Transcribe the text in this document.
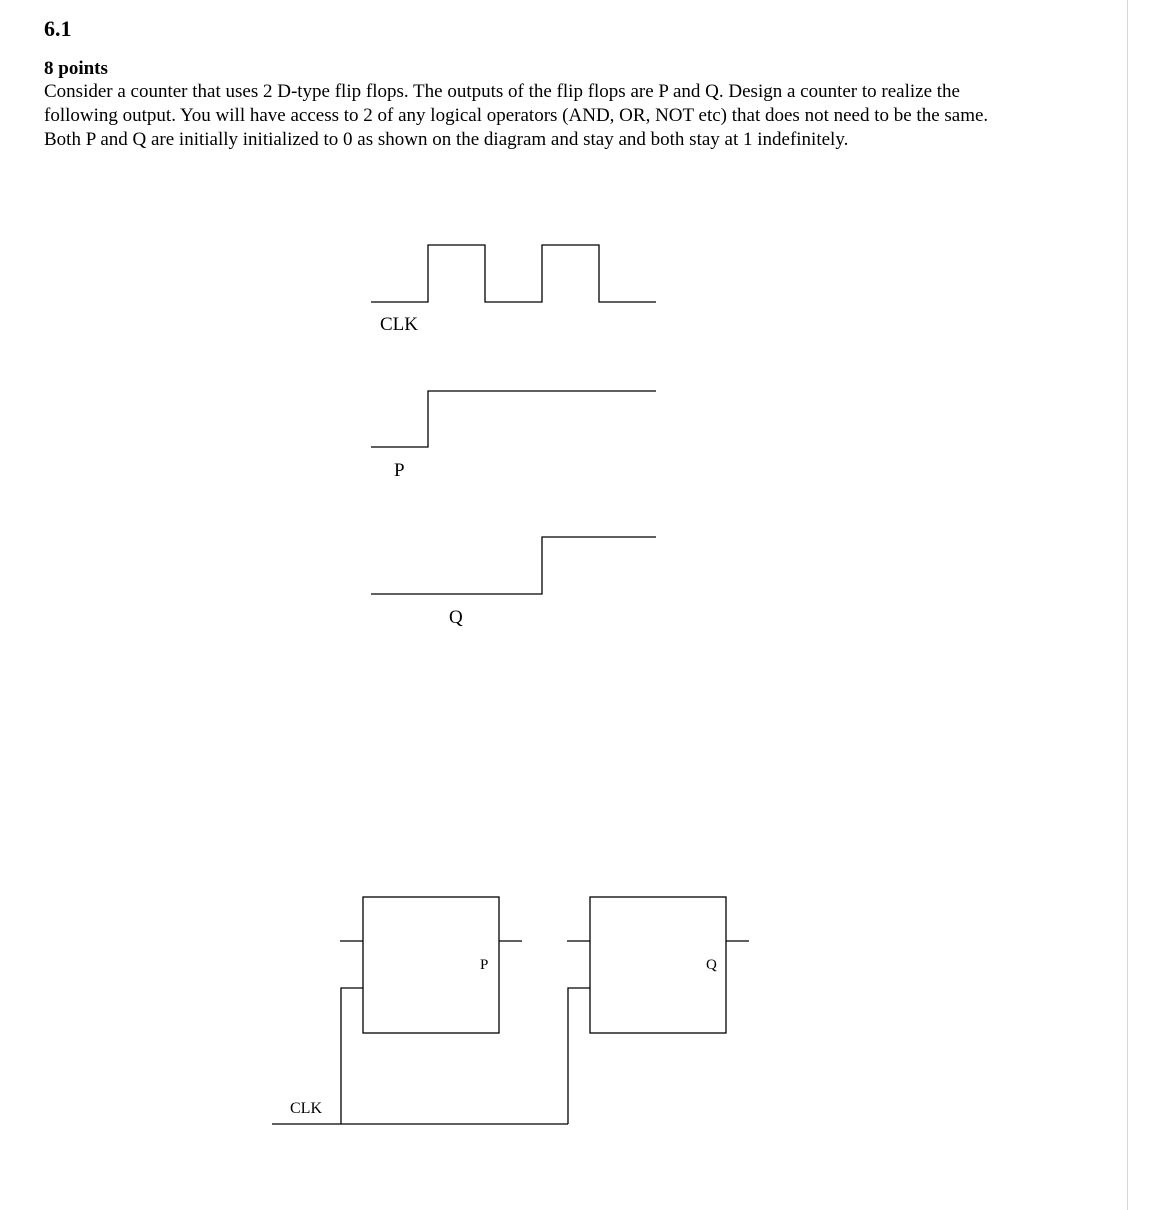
6.1

8 points

Consider a counter that uses 2 D-type flip flops. The outputs of the flip flops are P and Q. Design a counter to realize the following output. You will have access to 2 of any logical operators (AND, OR, NOT etc) that does not need to be the same. Both P and Q are initially initialized to 0 as shown on the diagram and stay and both stay at 1 indefinitely.

CLK
P
Q
P	Q
CLK
